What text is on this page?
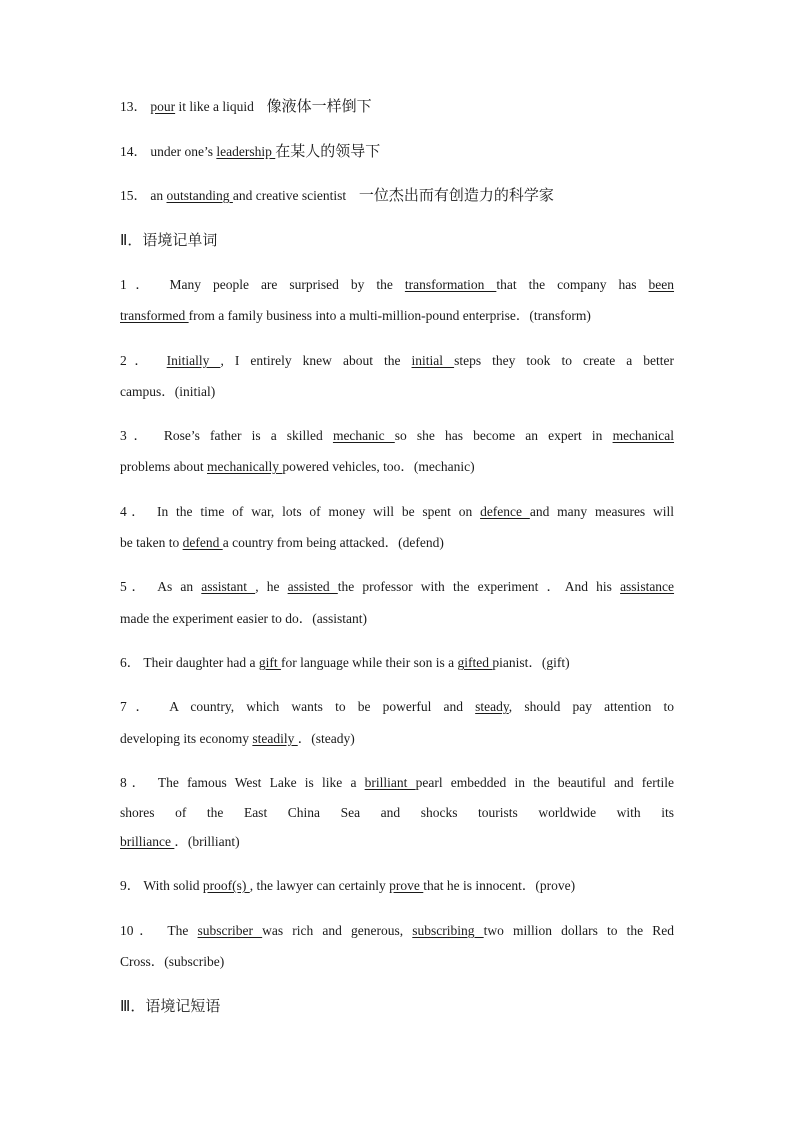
13． pour it like a liquid 像液体一样倒下
14． under one’s leadership 在某人的领导下
15． an outstanding and creative scientist 一位杰出而有创造力的科学家
Ⅱ．语境记单词
1． Many people are surprised by the transformation that the company has been
transformed from a family business into a multi-million-pound enterprise．(transform)
2． Initially , I entirely knew about the initial steps they took to create a better
campus．(initial)
3． Rose’s father is a skilled mechanic so she has become an expert in mechanical
problems about mechanically powered vehicles, too．(mechanic)
4． In the time of war, lots of money will be spent on defence and many measures will
be taken to defend a country from being attacked．(defend)
5． As an assistant , he assisted the professor with the experiment ．And his assistance
made the experiment easier to do．(assistant)
6． Their daughter had a gift for language while their son is a gifted pianist．(gift)
7． A country, which wants to be powerful and steady, should pay attention to
developing its economy steadily ．(steady)
8． The famous West Lake is like a brilliant pearl embedded in the beautiful and fertile
shores of the East China Sea and shocks tourists worldwide with its
brilliance ．(brilliant)
9． With solid proof(s) , the lawyer can certainly prove that he is innocent．(prove)
10． The subscriber was rich and generous, subscribing two million dollars to the Red
Cross．(subscribe)
Ⅲ．语境记短语
